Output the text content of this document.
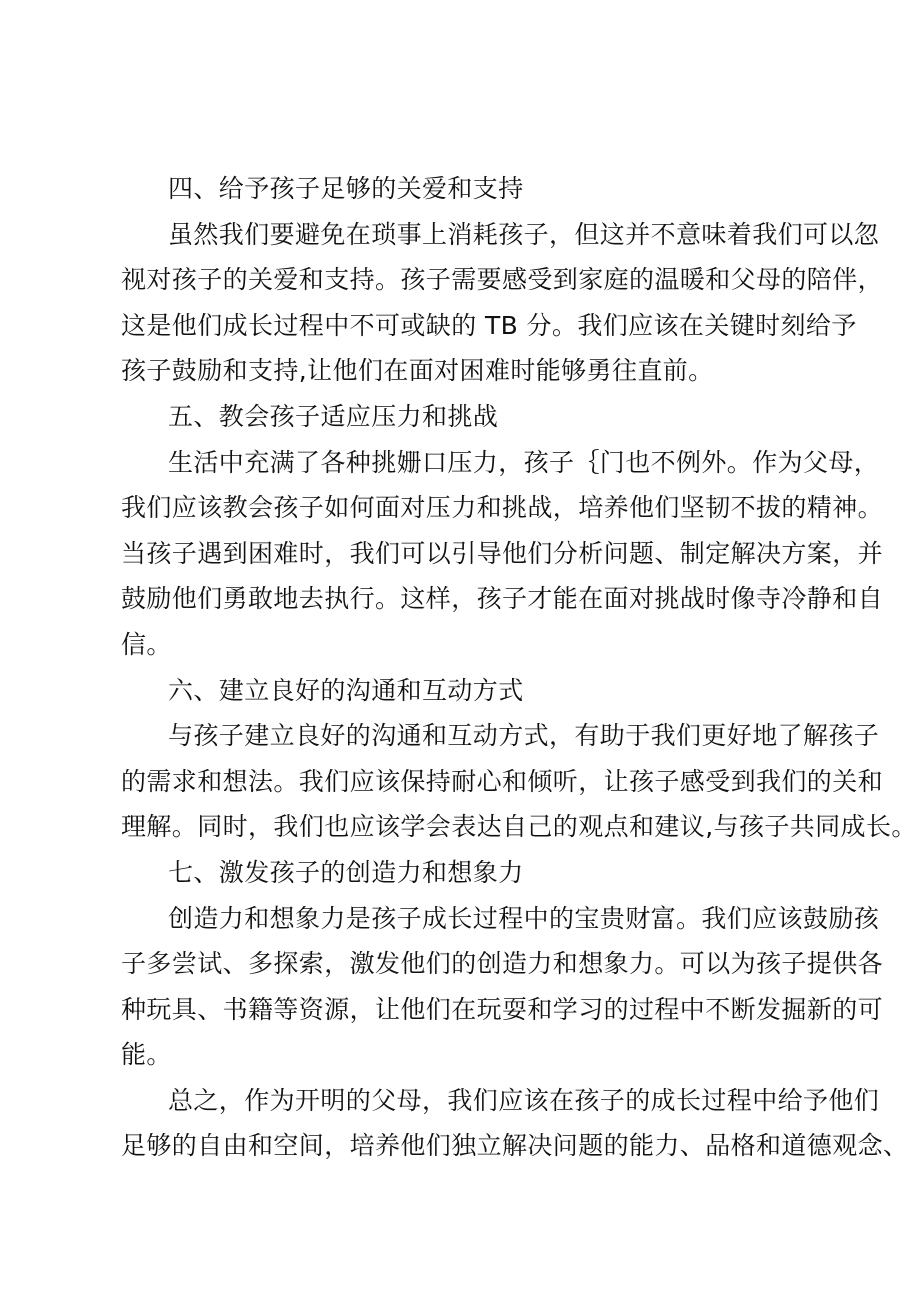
四、给予孩子足够的关爱和支持
虽然我们要避免在琐事上消耗孩子，但这并不意味着我们可以忽
视对孩子的关爱和支持。孩子需要感受到家庭的温暖和父母的陪伴，
这是他们成长过程中不可或缺的 TB 分。我们应该在关键时刻给予
孩子鼓励和支持,让他们在面对困难时能够勇往直前。
五、教会孩子适应压力和挑战
生活中充满了各种挑姗口压力，孩子｛门也不例外。作为父母，
我们应该教会孩子如何面对压力和挑战，培养他们坚韧不拔的精神。
当孩子遇到困难时，我们可以引导他们分析问题、制定解决方案，并
鼓励他们勇敢地去执行。这样，孩子才能在面对挑战时像寺冷静和自
信。
六、建立良好的沟通和互动方式
与孩子建立良好的沟通和互动方式，有助于我们更好地了解孩子
的需求和想法。我们应该保持耐心和倾听，让孩子感受到我们的关和
理解。同时，我们也应该学会表达自己的观点和建议,与孩子共同成长。
七、激发孩子的创造力和想象力
创造力和想象力是孩子成长过程中的宝贵财富。我们应该鼓励孩
子多尝试、多探索，激发他们的创造力和想象力。可以为孩子提供各
种玩具、书籍等资源，让他们在玩耍和学习的过程中不断发掘新的可
能。
总之，作为开明的父母，我们应该在孩子的成长过程中给予他们
足够的自由和空间，培养他们独立解决问题的能力、品格和道德观念、
